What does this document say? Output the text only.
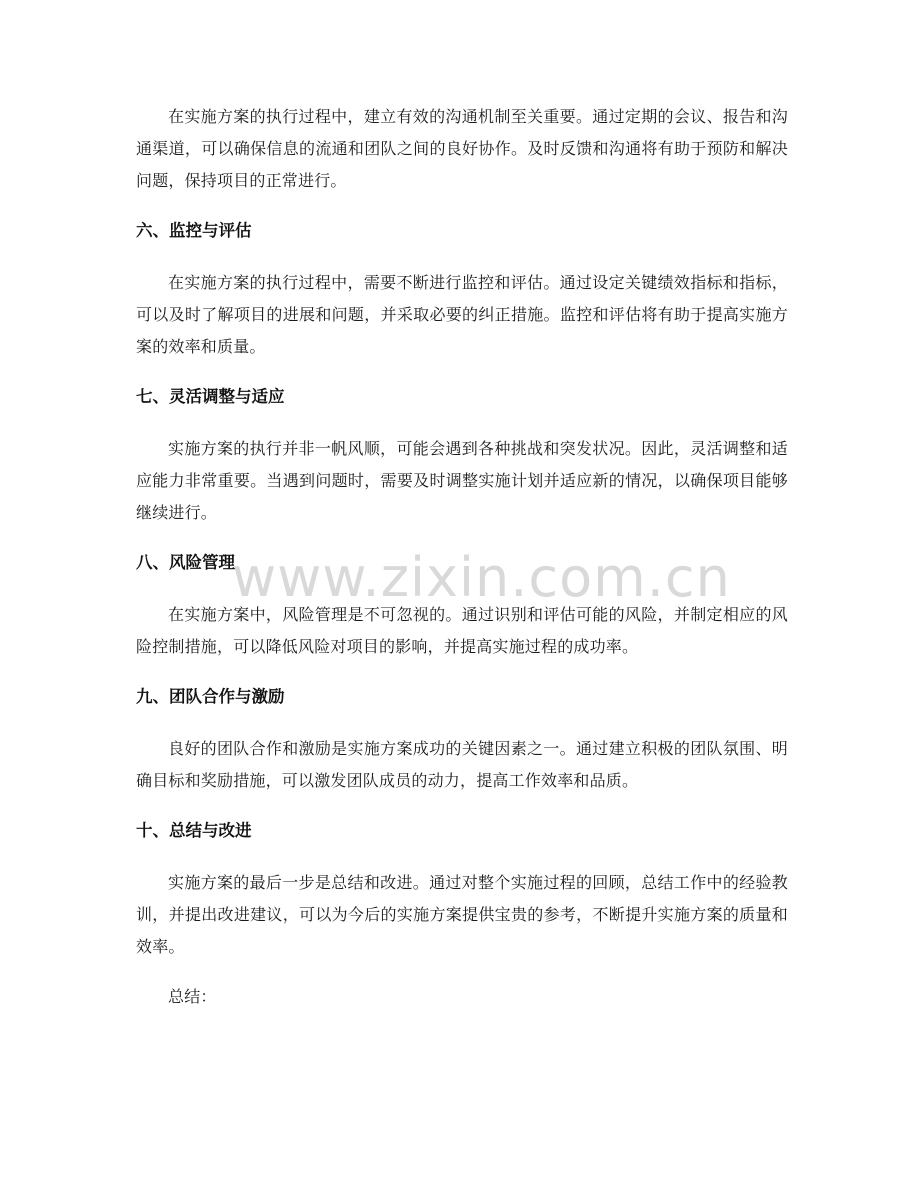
www.zixin.com.cn

在实施方案的执行过程中，建立有效的沟通机制至关重要。通过定期的会议、报告和沟通渠道，可以确保信息的流通和团队之间的良好协作。及时反馈和沟通将有助于预防和解决问题，保持项目的正常进行。

六、监控与评估

在实施方案的执行过程中，需要不断进行监控和评估。通过设定关键绩效指标和指标，可以及时了解项目的进展和问题，并采取必要的纠正措施。监控和评估将有助于提高实施方案的效率和质量。

七、灵活调整与适应

实施方案的执行并非一帆风顺，可能会遇到各种挑战和突发状况。因此，灵活调整和适应能力非常重要。当遇到问题时，需要及时调整实施计划并适应新的情况，以确保项目能够继续进行。

八、风险管理

在实施方案中，风险管理是不可忽视的。通过识别和评估可能的风险，并制定相应的风险控制措施，可以降低风险对项目的影响，并提高实施过程的成功率。

九、团队合作与激励

良好的团队合作和激励是实施方案成功的关键因素之一。通过建立积极的团队氛围、明确目标和奖励措施，可以激发团队成员的动力，提高工作效率和品质。

十、总结与改进

实施方案的最后一步是总结和改进。通过对整个实施过程的回顾，总结工作中的经验教训，并提出改进建议，可以为今后的实施方案提供宝贵的参考，不断提升实施方案的质量和效率。

总结：
